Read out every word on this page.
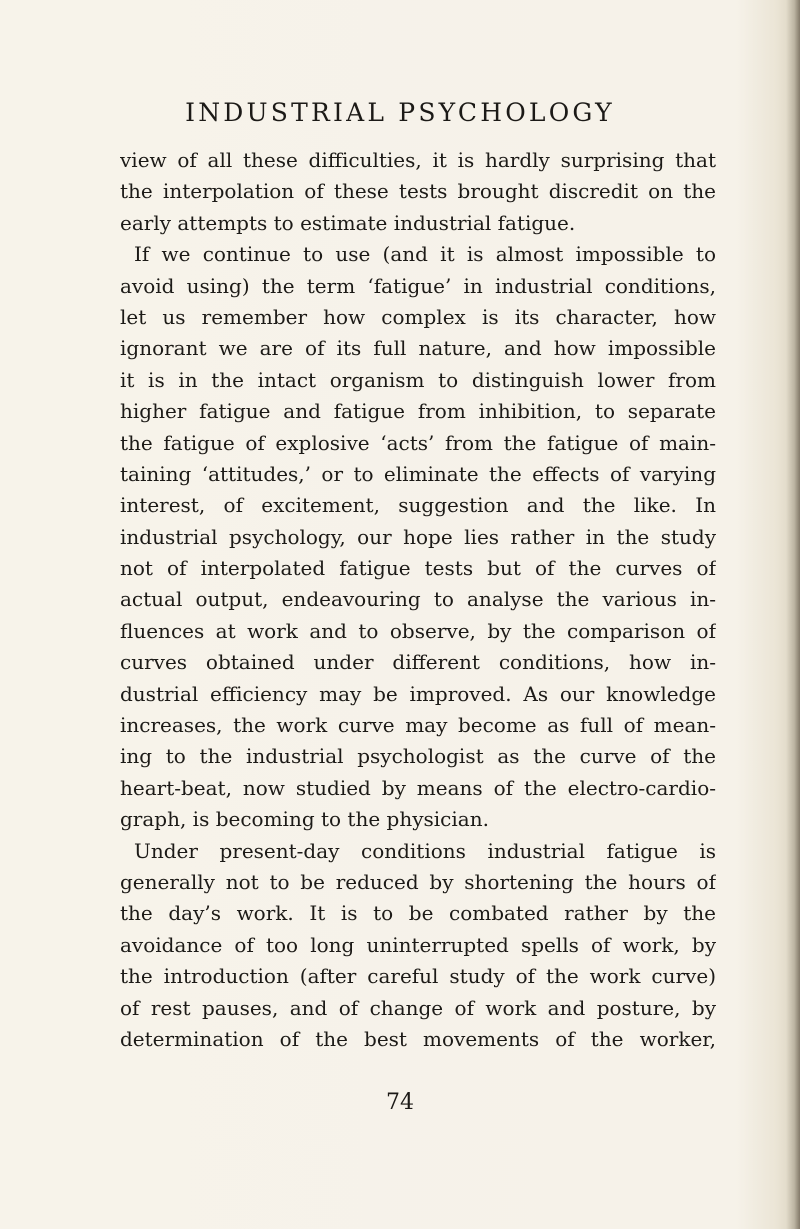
INDUSTRIAL PSYCHOLOGY
view of all these difficulties, it is hardly surprising that
the interpolation of these tests brought discredit on the
early attempts to estimate industrial fatigue.
If we continue to use (and it is almost impossible to
avoid using) the term ‘fatigue’ in industrial conditions,
let us remember how complex is its character, how
ignorant we are of its full nature, and how impossible
it is in the intact organism to distinguish lower from
higher fatigue and fatigue from inhibition, to separate
the fatigue of explosive ‘acts’ from the fatigue of main-
taining ‘attitudes,’ or to eliminate the effects of varying
interest, of excitement, suggestion and the like. In
industrial psychology, our hope lies rather in the study
not of interpolated fatigue tests but of the curves of
actual output, endeavouring to analyse the various in-
fluences at work and to observe, by the comparison of
curves obtained under different conditions, how in-
dustrial efficiency may be improved. As our knowledge
increases, the work curve may become as full of mean-
ing to the industrial psychologist as the curve of the
heart-beat, now studied by means of the electro-cardio-
graph, is becoming to the physician.
Under present-day conditions industrial fatigue is
generally not to be reduced by shortening the hours of
the day’s work. It is to be combated rather by the
avoidance of too long uninterrupted spells of work, by
the introduction (after careful study of the work curve)
of rest pauses, and of change of work and posture, by
determination of the best movements of the worker,
74
